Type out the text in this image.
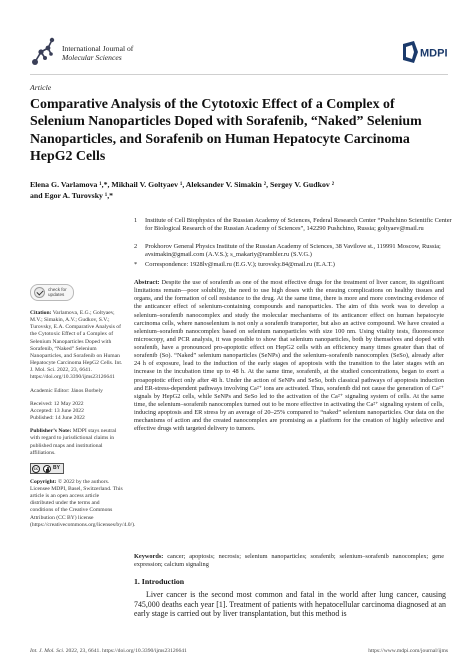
International Journal of
Molecular Sciences	MDPI
Article
Comparative Analysis of the Cytotoxic Effect of a Complex of Selenium Nanoparticles Doped with Sorafenib, “Naked” Selenium Nanoparticles, and Sorafenib on Human Hepatocyte Carcinoma HepG2 Cells
Elena G. Varlamova ¹,*, Mikhail V. Goltyaev ¹, Aleksander V. Simakin ², Sergey V. Gudkov ²
and Egor A. Turovsky ¹,*
1	Institute of Cell Biophysics of the Russian Academy of Sciences, Federal Research Center “Pushchino Scientific Center for Biological Research of the Russian Academy of Sciences”, 142290 Pushchino, Russia; goltyaev@mail.ru
2	Prokhorov General Physics Institute of the Russian Academy of Sciences, 38 Vavilove st., 119991 Moscow, Russia; avsimakin@gmail.com (A.V.S.); s_makariy@rambler.ru (S.V.G.)
*	Correspondence: 1928lv@mail.ru (E.G.V.); turovsky.84@mail.ru (E.A.T.)
check for updates
Citation: Varlamova, E.G.; Goltyaev, M.V.; Simakin, A.V.; Gudkov, S.V.; Turovsky, E.A. Comparative Analysis of the Cytotoxic Effect of a Complex of Selenium Nanoparticles Doped with Sorafenib, “Naked” Selenium Nanoparticles, and Sorafenib on Human Hepatocyte Carcinoma HepG2 Cells. Int. J. Mol. Sci. 2022, 23, 6641. https://doi.org/10.3390/ijms23126641
Academic Editor: János Borbely
Received: 12 May 2022
Accepted: 13 June 2022
Published: 14 June 2022
Publisher’s Note: MDPI stays neutral with regard to jurisdictional claims in published maps and institutional affiliations.
cc	BY
Copyright: © 2022 by the authors. Licensee MDPI, Basel, Switzerland. This article is an open access article distributed under the terms and conditions of the Creative Commons Attribution (CC BY) license (https://creativecommons.org/licenses/by/4.0/).
Abstract: Despite the use of sorafenib as one of the most effective drugs for the treatment of liver cancer, its significant limitations remain—poor solubility, the need to use high doses with the ensuing complications on healthy tissues and organs, and the formation of cell resistance to the drug. At the same time, there is more and more convincing evidence of the anticancer effect of selenium-containing compounds and nanoparticles. The aim of this work was to develop a selenium–sorafenib nanocomplex and study the molecular mechanisms of its anticancer effect on human hepatocyte carcinoma cells, where nanoselenium is not only a sorafenib transporter, but also an active compound. We have created a selenium–sorafenib nanocomplex based on selenium nanoparticles with size 100 nm. Using vitality tests, fluorescence microscopy, and PCR analysis, it was possible to show that selenium nanoparticles, both by themselves and doped with sorafenib, have a pronounced pro-apoptotic effect on HepG2 cells with an efficiency many times greater than that of sorafenib (So). “Naked” selenium nanoparticles (SeNPs) and the selenium–sorafenib nanocomplex (SeSo), already after 24 h of exposure, lead to the induction of the early stages of apoptosis with the transition to the later stages with an increase in the incubation time up to 48 h. At the same time, sorafenib, at the studied concentrations, began to exert a proapoptotic effect only after 48 h. Under the action of SeNPs and SeSo, both classical pathways of apoptosis induction and ER-stress-dependent pathways involving Ca²⁺ ions are activated. Thus, sorafenib did not cause the generation of Ca²⁺ signals by HepG2 cells, while SeNPs and SeSo led to the activation of the Ca²⁺ signaling system of cells. At the same time, the selenium–sorafenib nanocomplex turned out to be more effective in activating the Ca²⁺ signaling system of cells, inducing apoptosis and ER stress by an average of 20–25% compared to “naked” selenium nanoparticles. Our data on the mechanisms of action and the created nanocomplex are promising as a platform for the creation of highly selective and effective drugs with targeted delivery to tumors.
Keywords: cancer; apoptosis; necrosis; selenium nanoparticles; sorafenib; selenium–sorafenib nanocomplex; gene expression; calcium signaling
1. Introduction

Liver cancer is the second most common and fatal in the world after lung cancer, causing 745,000 deaths each year [1]. Treatment of patients with hepatocellular carcinoma diagnosed at an early stage is carried out by liver transplantation, but this method is

Int. J. Mol. Sci. 2022, 23, 6641. https://doi.org/10.3390/ijms23126641	https://www.mdpi.com/journal/ijms
